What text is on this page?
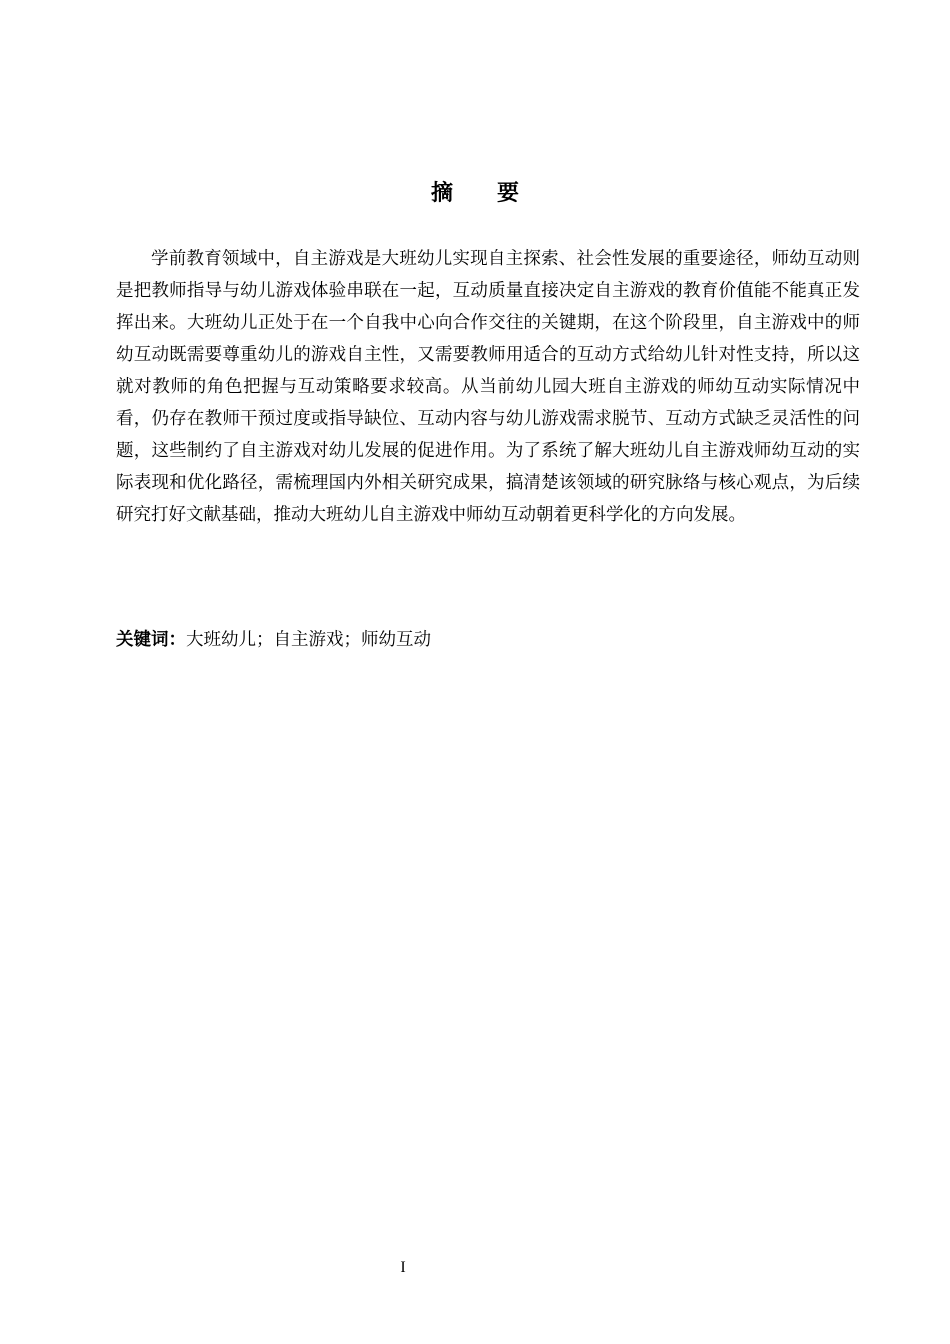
摘 要

学前教育领域中，自主游戏是大班幼儿实现自主探索、社会性发展的重要途径，师幼互动则是把教师指导与幼儿游戏体验串联在一起，互动质量直接决定自主游戏的教育价值能不能真正发挥出来。大班幼儿正处于在一个自我中心向合作交往的关键期，在这个阶段里，自主游戏中的师幼互动既需要尊重幼儿的游戏自主性，又需要教师用适合的互动方式给幼儿针对性支持，所以这就对教师的角色把握与互动策略要求较高。从当前幼儿园大班自主游戏的师幼互动实际情况中看，仍存在教师干预过度或指导缺位、互动内容与幼儿游戏需求脱节、互动方式缺乏灵活性的问题，这些制约了自主游戏对幼儿发展的促进作用。为了系统了解大班幼儿自主游戏师幼互动的实际表现和优化路径，需梳理国内外相关研究成果，搞清楚该领域的研究脉络与核心观点，为后续研究打好文献基础，推动大班幼儿自主游戏中师幼互动朝着更科学化的方向发展。

关键词：大班幼儿；自主游戏；师幼互动
I
